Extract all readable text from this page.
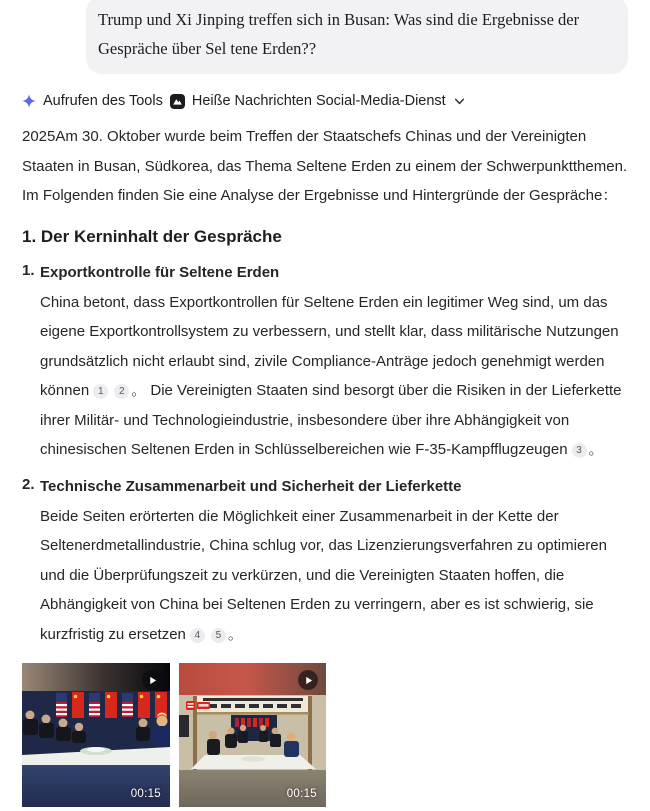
Trump und Xi Jinping treffen sich in Busan: Was sind die Ergebnisse der Gespräche über Sel tene Erden??
Aufrufen des Tools Heiße Nachrichten Social-Media-Dienst

2025Am 30. Oktober wurde beim Treffen der Staatschefs Chinas und der Vereinigten Staaten in Busan, Südkorea, das Thema Seltene Erden zu einem der Schwerpunktthemen. Im Folgenden finden Sie eine Analyse der Ergebnisse und Hintergründe der Gespräche：

1. Der Kerninhalt der Gespräche
1. Exportkontrolle für Seltene Erden
China betont, dass Exportkontrollen für Seltene Erden ein legitimer Weg sind, um das eigene Exportkontrollsystem zu verbessern, und stellt klar, dass militärische Nutzungen grundsätzlich nicht erlaubt sind, zivile Compliance-Anträge jedoch genehmigt werden können 1 2 。 Die Vereinigten Staaten sind besorgt über die Risiken in der Lieferkette ihrer Militär- und Technologieindustrie, insbesondere über ihre Abhängigkeit von chinesischen Seltenen Erden in Schlüsselbereichen wie F-35-Kampfflugzeugen 3 。
2. Technische Zusammenarbeit und Sicherheit der Lieferkette
Beide Seiten erörterten die Möglichkeit einer Zusammenarbeit in der Kette der Seltenerdmetallindustrie, China schlug vor, das Lizenzierungsverfahren zu optimieren und die Überprüfungszeit zu verkürzen, und die Vereinigten Staaten hoffen, die Abhängigkeit von China bei Seltenen Erden zu verringern, aber es ist schwierig, sie kurzfristig zu ersetzen 4 5 。
00:15	00:15
